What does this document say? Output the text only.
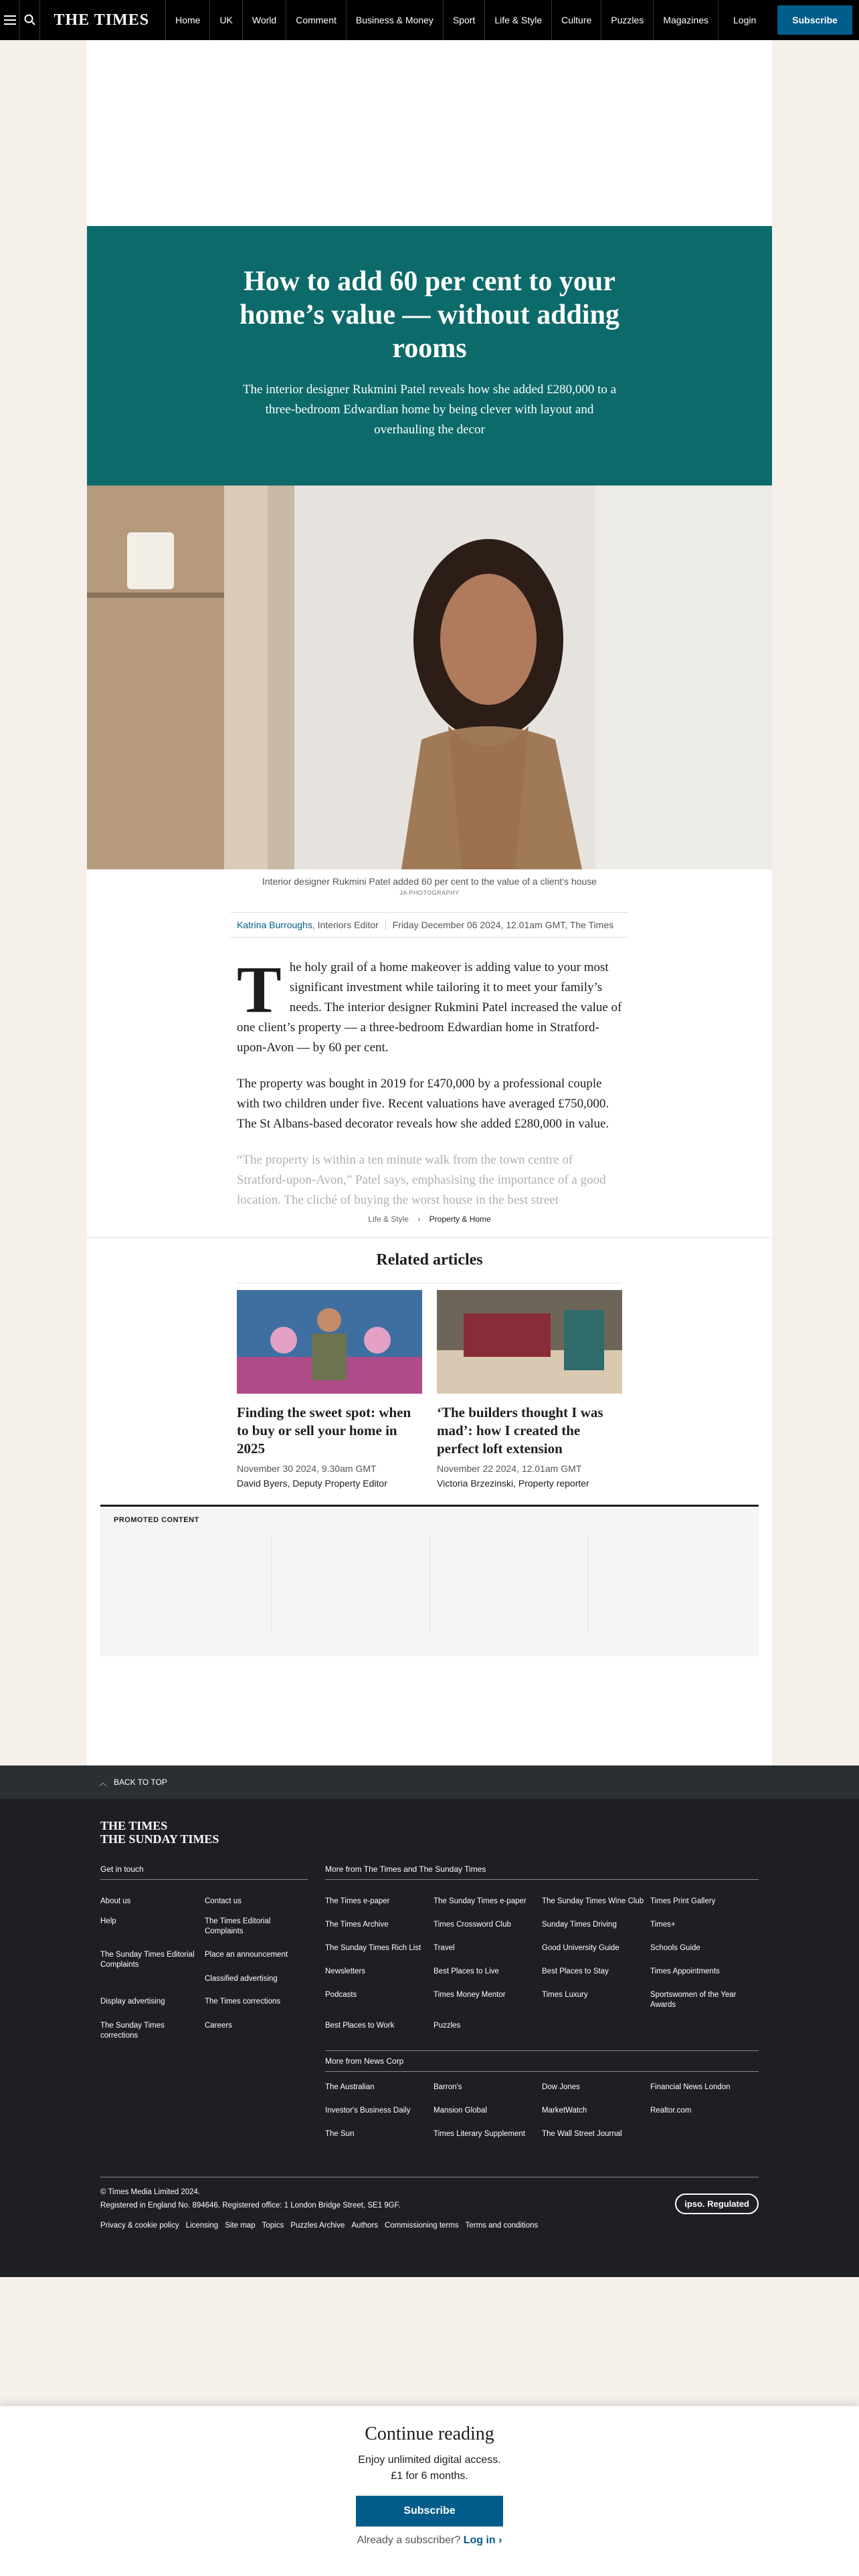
THE TIMES	Home	UK	World	Comment	Business & Money	Sport	Life & Style	Culture	Puzzles	Magazines	Login	Subscribe
How to add 60 per cent to your home’s value — without adding rooms

The interior designer Rukmini Patel reveals how she added £280,000 to a three-bedroom Edwardian home by being clever with layout and overhauling the decor

Interior designer Rukmini Patel added 60 per cent to the value of a client’s house
JA PHOTOGRAPHY
Katrina Burroughs, Interiors Editor	Friday December 06 2024, 12.01am GMT, The Times

The holy grail of a home makeover is adding value to your most significant investment while tailoring it to meet your family’s needs. The interior designer Rukmini Patel increased the value of one client’s property — a three-bedroom Edwardian home in Stratford-upon-Avon — by 60 per cent.

The property was bought in 2019 for £470,000 by a professional couple with two children under five. Recent valuations have averaged £750,000. The St Albans-based decorator reveals how she added £280,000 in value.

“The property is within a ten minute walk from the town centre of Stratford-upon-Avon,” Patel says, emphasising the importance of a good location. The cliché of buying the worst house in the best street

Life & Style › Property & Home
Related articles
Finding the sweet spot: when to buy or sell your home in 2025
November 30 2024, 9.30am GMT
David Byers, Deputy Property Editor
‘The builders thought I was mad’: how I created the perfect loft extension
November 22 2024, 12.01am GMT
Victoria Brzezinski, Property reporter
PROMOTED CONTENT
︿ BACK TO TOP
THE TIMES
THE SUNDAY TIMES
Get in touch	More from The Times and The Sunday Times
About us
Help
The Sunday Times Editorial Complaints
Display advertising
The Sunday Times corrections
Contact us
The Times Editorial Complaints
Place an announcement
Classified advertising
The Times corrections
Careers
The Times e-paper
The Times Archive
The Sunday Times Rich List
Newsletters
Podcasts
Best Places to Work
The Sunday Times e-paper
Times Crossword Club
Travel
Best Places to Live
Times Money Mentor
Puzzles
The Sunday Times Wine Club
Sunday Times Driving
Good University Guide
Best Places to Stay
Times Luxury
Times Print Gallery
Times+
Schools Guide
Times Appointments
Sportswomen of the Year Awards
More from News Corp
The Australian
Investor's Business Daily
The Sun
Barron's
Mansion Global
Times Literary Supplement
Dow Jones
MarketWatch
The Wall Street Journal
Financial News London
Realtor.com
© Times Media Limited 2024.
Registered in England No. 894646. Registered office: 1 London Bridge Street, SE1 9GF.
Privacy & cookie policy Licensing Site map Topics Puzzles Archive Authors Commissioning terms Terms and conditions
ipso. Regulated
Continue reading

Enjoy unlimited digital access.

£1 for 6 months.

Subscribe
Already a subscriber? Log in ›
